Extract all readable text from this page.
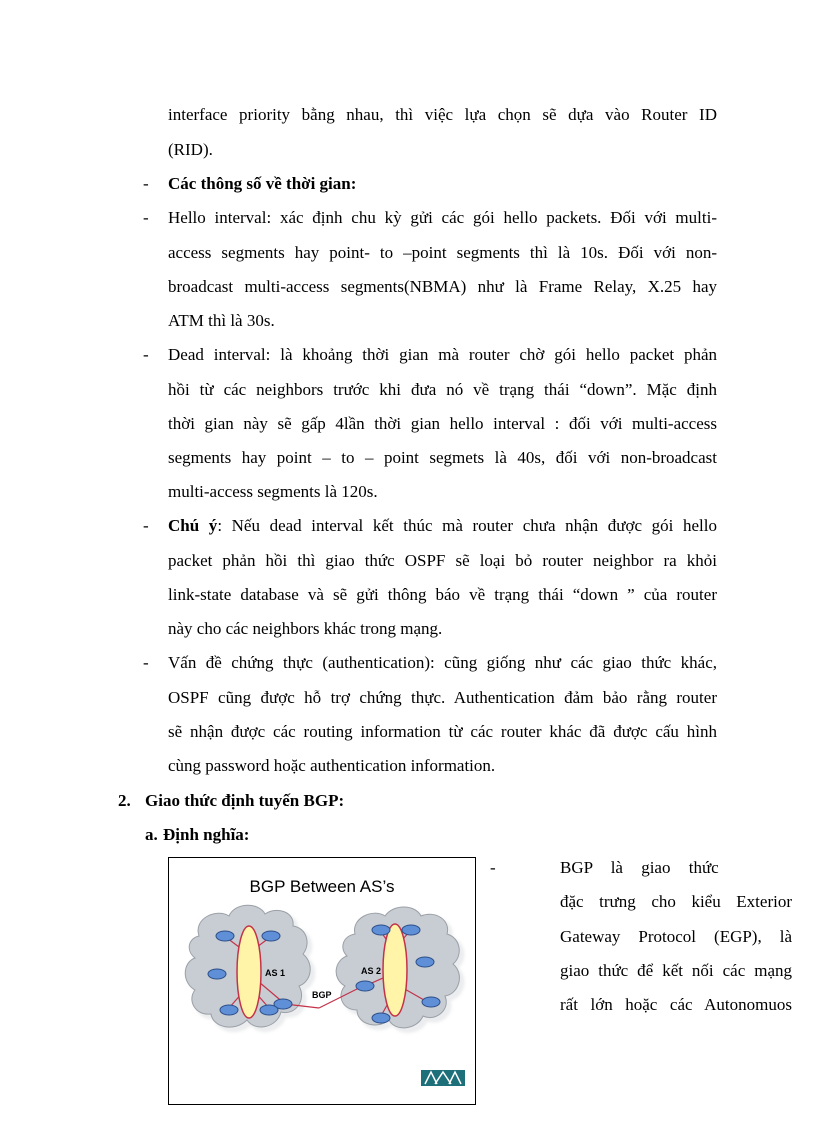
interface priority bằng nhau, thì việc lựa chọn sẽ dựa vào Router ID
(RID).
- Các thông số về thời gian:
- Hello interval: xác định chu kỳ gửi các gói hello packets. Đối với multi-
access segments hay point- to –point segments thì là 10s. Đối với non-
broadcast multi-access segments(NBMA) như là Frame Relay, X.25 hay
ATM thì là 30s.
- Dead interval: là khoảng thời gian mà router chờ gói hello packet phản
hồi từ các neighbors trước khi đưa nó về trạng thái “down”. Mặc định
thời gian này sẽ gấp 4lần thời gian hello interval : đối với multi-access
segments hay point – to – point segmets là 40s, đối với non-broadcast
multi-access segments là 120s.
- Chú ý: Nếu dead interval kết thúc mà router chưa nhận được gói hello
packet phản hồi thì giao thức OSPF sẽ loại bỏ router neighbor ra khỏi
link-state database và sẽ gửi thông báo về trạng thái “down ” của router
này cho các neighbors khác trong mạng.
- Vấn đề chứng thực (authentication): cũng giống như các giao thức khác,
OSPF cũng được hỗ trợ chứng thực. Authentication đảm bảo rằng router
sẽ nhận được các routing information từ các router khác đã được cấu hình
cùng password hoặc authentication information.
2. Giao thức định tuyến BGP:
a. Định nghĩa:
BGP Between AS’s
AS 1	AS 2
BGP
-	BGP là giao thức
đặc trưng cho kiểu Exterior
Gateway Protocol (EGP), là
giao thức để kết nối các mạng
rất lớn hoặc các Autonomuos
